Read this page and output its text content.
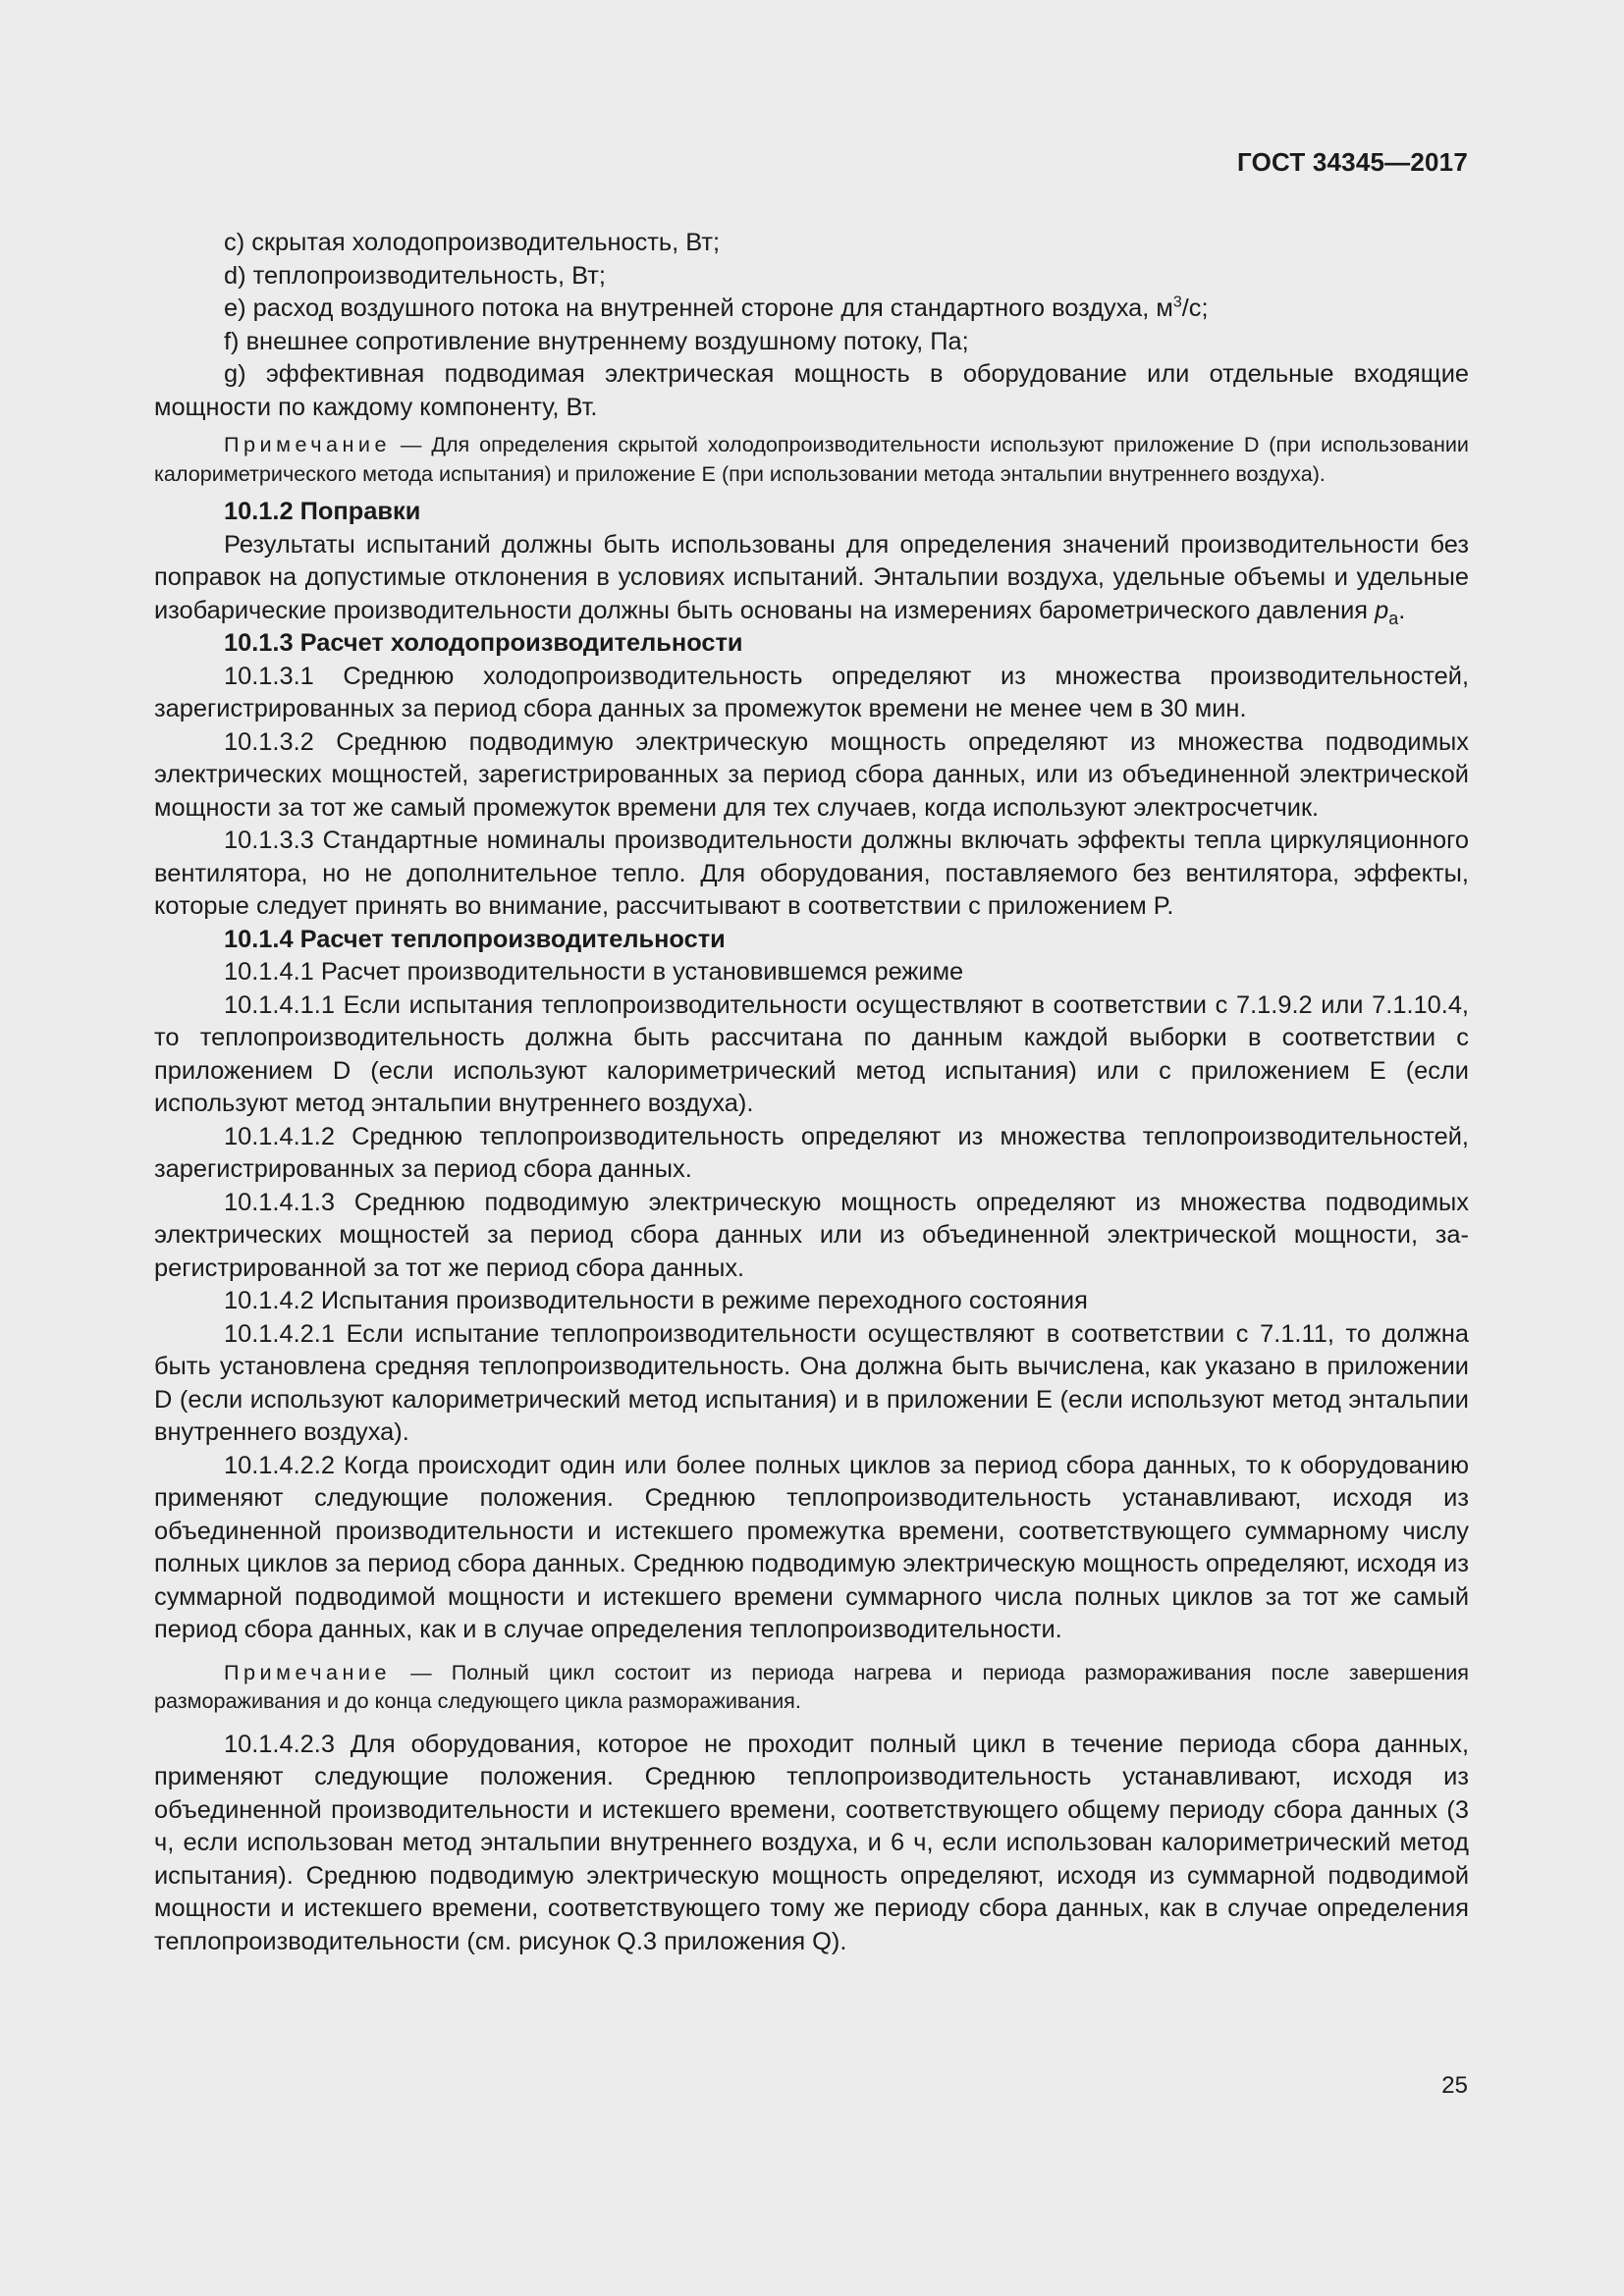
ГОСТ 34345—2017

c) скрытая холодопроизводительность, Вт;

d) теплопроизводительность, Вт;

e) расход воздушного потока на внутренней стороне для стандартного воздуха, $м^3/с$;

f) внешнее сопротивление внутреннему воздушному потоку, Па;

g) эффективная подводимая электрическая мощность в оборудование или отдельные входящие мощности по каждому компоненту, Вт.

Примечание — Для определения скрытой холодопроизводительности используют приложение D (при использовании калориметрического метода испытания) и приложение E (при использовании метода энтальпии внутреннего воздуха).

10.1.2 Поправки

Результаты испытаний должны быть использованы для определения значений производительности без поправок на допустимые отклонения в условиях испытаний. Энтальпии воздуха, удельные объемы и удельные изобарические производительности должны быть основаны на измерениях барометрического давления $p_a$.

10.1.3 Расчет холодопроизводительности

10.1.3.1 Среднюю холодопроизводительность определяют из множества производительностей, зарегистрированных за период сбора данных за промежуток времени не менее чем в 30 мин.

10.1.3.2 Среднюю подводимую электрическую мощность определяют из множества подводимых электрических мощностей, зарегистрированных за период сбора данных, или из объединенной электрической мощности за тот же самый промежуток времени для тех случаев, когда используют электросчетчик.

10.1.3.3 Стандартные номиналы производительности должны включать эффекты тепла циркуляционного вентилятора, но не дополнительное тепло. Для оборудования, поставляемого без вентилятора, эффекты, которые следует принять во внимание, рассчитывают в соответствии с приложением P.

10.1.4 Расчет теплопроизводительности

10.1.4.1 Расчет производительности в установившемся режиме

10.1.4.1.1 Если испытания теплопроизводительности осуществляют в соответствии с 7.1.9.2 или 7.1.10.4, то теплопроизводительность должна быть рассчитана по данным каждой выборки в соответствии с приложением D (если используют калориметрический метод испытания) или с приложением E (если используют метод энтальпии внутреннего воздуха).

10.1.4.1.2 Среднюю теплопроизводительность определяют из множества теплопроизводительностей, зарегистрированных за период сбора данных.

10.1.4.1.3 Среднюю подводимую электрическую мощность определяют из множества подводимых электрических мощностей за период сбора данных или из объединенной электрической мощности, зарегистрированной за тот же период сбора данных.

10.1.4.2 Испытания производительности в режиме переходного состояния

10.1.4.2.1 Если испытание теплопроизводительности осуществляют в соответствии с 7.1.11, то должна быть установлена средняя теплопроизводительность. Она должна быть вычислена, как указано в приложении D (если используют калориметрический метод испытания) и в приложении E (если используют метод энтальпии внутреннего воздуха).

10.1.4.2.2 Когда происходит один или более полных циклов за период сбора данных, то к оборудованию применяют следующие положения. Среднюю теплопроизводительность устанавливают, исходя из объединенной производительности и истекшего промежутка времени, соответствующего суммарному числу полных циклов за период сбора данных. Среднюю подводимую электрическую мощность определяют, исходя из суммарной подводимой мощности и истекшего времени суммарного числа полных циклов за тот же самый период сбора данных, как и в случае определения теплопроизводительности.

Примечание — Полный цикл состоит из периода нагрева и периода размораживания после завершения размораживания и до конца следующего цикла размораживания.

10.1.4.2.3 Для оборудования, которое не проходит полный цикл в течение периода сбора данных, применяют следующие положения. Среднюю теплопроизводительность устанавливают, исходя из объединенной производительности и истекшего времени, соответствующего общему периоду сбора данных (3 ч, если использован метод энтальпии внутреннего воздуха, и 6 ч, если использован калориметрический метод испытания). Среднюю подводимую электрическую мощность определяют, исходя из суммарной подводимой мощности и истекшего времени, соответствующего тому же периоду сбора данных, как в случае определения теплопроизводительности (см. рисунок Q.3 приложения Q).

25
